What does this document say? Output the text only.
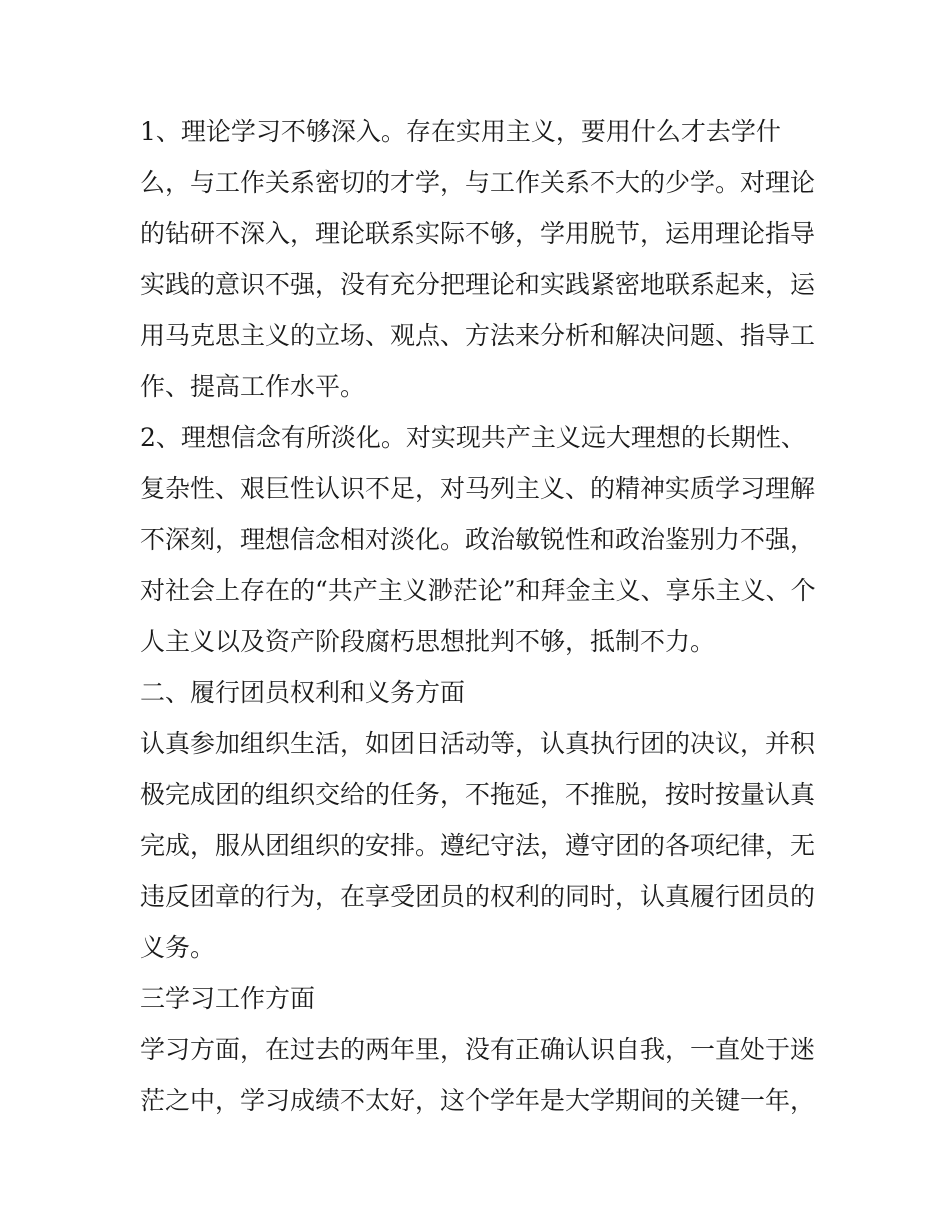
1、理论学习不够深入。存在实用主义，要用什么才去学什
么，与工作关系密切的才学，与工作关系不大的少学。对理论
的钻研不深入，理论联系实际不够，学用脱节，运用理论指导
实践的意识不强，没有充分把理论和实践紧密地联系起来，运
用马克思主义的立场、观点、方法来分析和解决问题、指导工
作、提高工作水平。
2、理想信念有所淡化。对实现共产主义远大理想的长期性、
复杂性、艰巨性认识不足，对马列主义、的精神实质学习理解
不深刻，理想信念相对淡化。政治敏锐性和政治鉴别力不强，
对社会上存在的“共产主义渺茫论”和拜金主义、享乐主义、个
人主义以及资产阶段腐朽思想批判不够，抵制不力。
二、履行团员权利和义务方面
认真参加组织生活，如团日活动等，认真执行团的决议，并积
极完成团的组织交给的任务，不拖延，不推脱，按时按量认真
完成，服从团组织的安排。遵纪守法，遵守团的各项纪律，无
违反团章的行为，在享受团员的权利的同时，认真履行团员的
义务。
三学习工作方面
学习方面，在过去的两年里，没有正确认识自我，一直处于迷
茫之中，学习成绩不太好，这个学年是大学期间的关键一年，
